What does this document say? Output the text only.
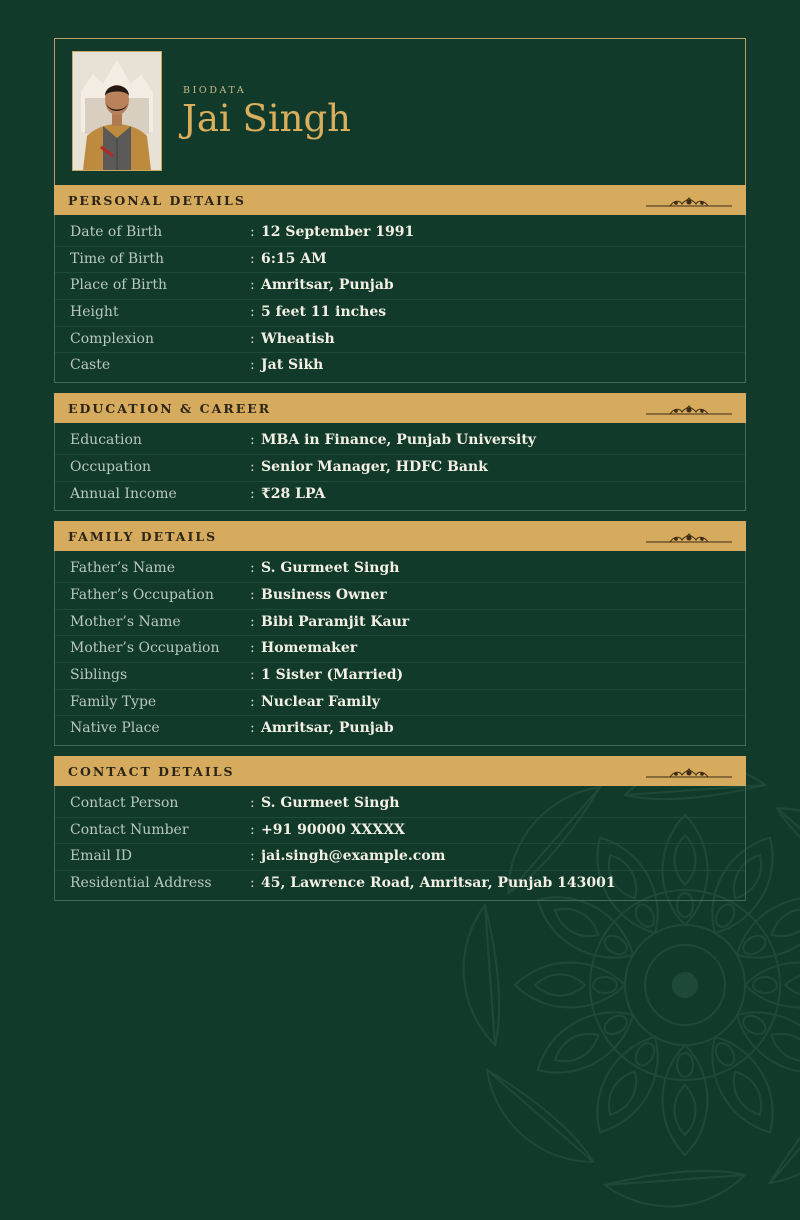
BIODATA
Jai Singh
PERSONAL DETAILS
Date of Birth	: 12 September 1991
Time of Birth	: 6:15 AM
Place of Birth	: Amritsar, Punjab
Height	: 5 feet 11 inches
Complexion	: Wheatish
Caste	: Jat Sikh
EDUCATION & CAREER
Education	: MBA in Finance, Punjab University
Occupation	: Senior Manager, HDFC Bank
Annual Income	: ₹28 LPA
FAMILY DETAILS
Father’s Name	: S. Gurmeet Singh
Father’s Occupation	: Business Owner
Mother’s Name	: Bibi Paramjit Kaur
Mother’s Occupation : Homemaker
Siblings	: 1 Sister (Married)
Family Type	: Nuclear Family
Native Place	: Amritsar, Punjab
CONTACT DETAILS
Contact Person	: S. Gurmeet Singh
Contact Number	: +91 90000 XXXXX
Email ID	: jai.singh@example.com
Residential Address	: 45, Lawrence Road, Amritsar, Punjab 143001
